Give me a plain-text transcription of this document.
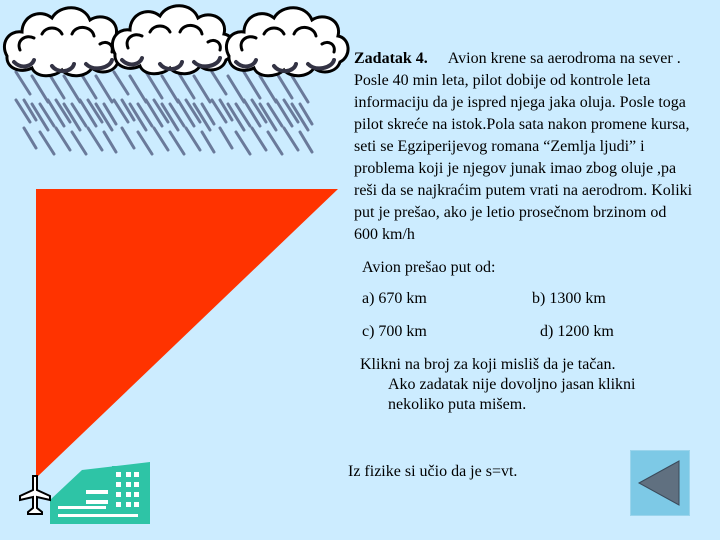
Zadatak 4. Avion krene sa aerodroma na sever . Posle 40 min leta, pilot dobije od kontrole leta informaciju da je ispred njega jaka oluja. Posle toga pilot skreće na istok.Pola sata nakon promene kursa, seti se Egziperijevog romana “Zemlja ljudi” i problema koji je njegov junak imao zbog oluje ,pa reši da se najkraćim putem vrati na aerodrom. Koliki put je prešao, ako je letio prosečnom brzinom od 600 km/h
Avion prešao put od:
a) 670 km	b) 1300 km
c) 700 km	d) 1200 km
Klikni na broj za koji misliš da je tačan.
Ako zadatak nije dovoljno jasan klikni nekoliko puta mišem.
Iz fizike si učio da je s=vt.
